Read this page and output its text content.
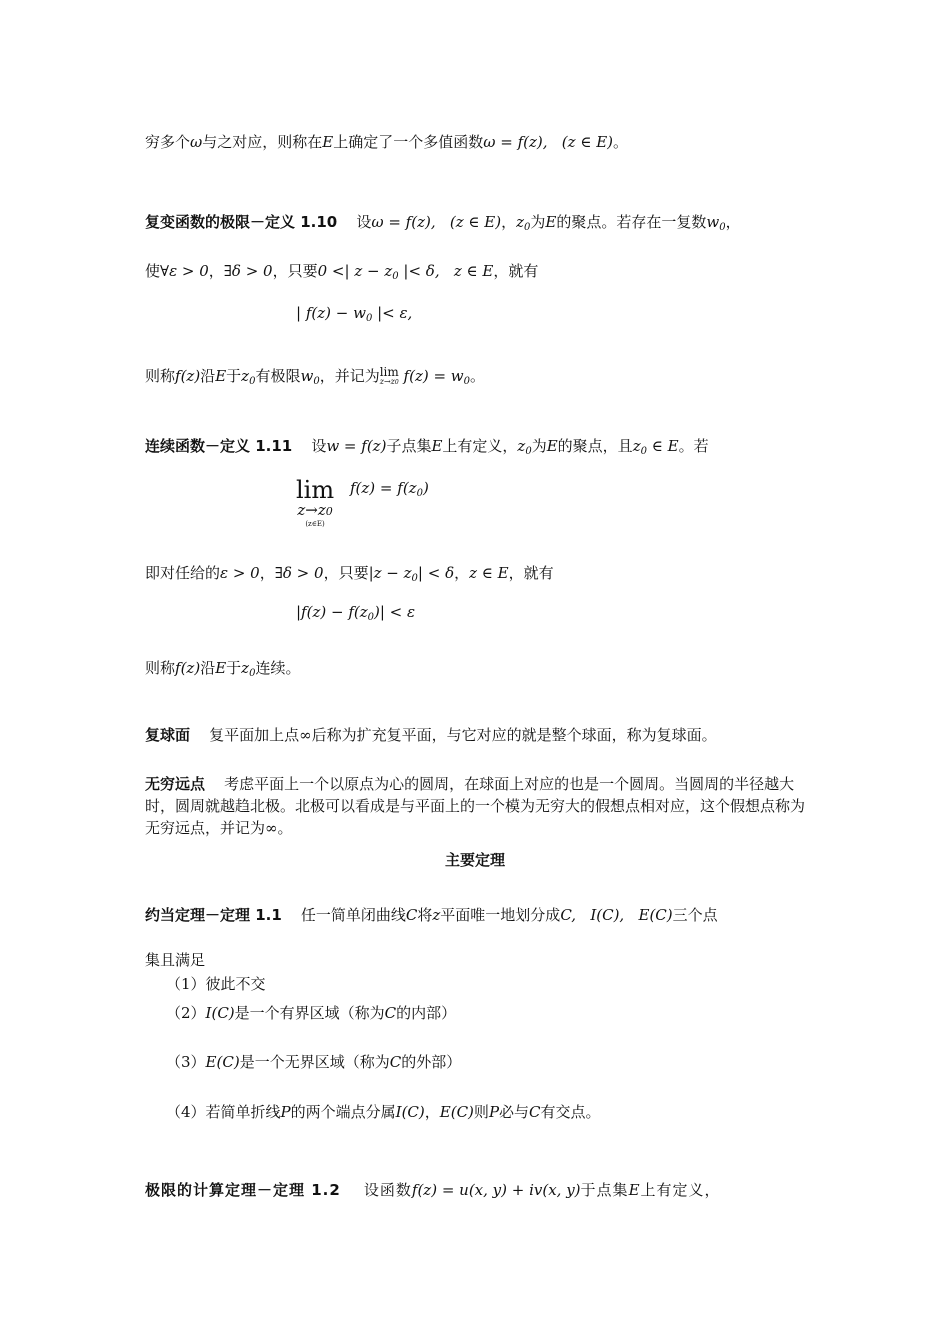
穷多个ω与之对应，则称在E上确定了一个多值函数ω = f(z),   (z ∈ E)。
复变函数的极限－定义 1.10 设ω = f(z),   (z ∈ E)，$z_0$为E的聚点。若存在一复数$w_0$，
使∀ε > 0，∃δ > 0，只要0 <| $z - z_0$ |< δ,   z ∈ E，就有
| $f(z) - w_0$ |< ε,
则称f(z)沿E于$z_0$有极限$w_0$，并记为 lim
z→z0 $f(z) = w_0$。
连续函数－定义 1.11 设w = f(z)子点集E上有定义，$z_0$为E的聚点，且$z_0$ ∈ E。若
lim
z→z0
(z∈E)
$f(z) = f(z_0)$
即对任给的ε > 0，∃δ > 0，只要$|z - z_0| < \delta$，z ∈ E，就有
$|f(z) - f(z_0)| < \varepsilon$
则称f(z)沿E于$z_0$连续。
复球面 复平面加上点∞后称为扩充复平面，与它对应的就是整个球面，称为复球面。
无穷远点 考虑平面上一个以原点为心的圆周，在球面上对应的也是一个圆周。当圆周的半径越大时，圆周就越趋北极。北极可以看成是与平面上的一个模为无穷大的假想点相对应，这个假想点称为无穷远点，并记为∞。
主要定理
约当定理－定理 1.1 任一简单闭曲线C将z平面唯一地划分成C,   I(C),   E(C)三个点
集且满足
（1）彼此不交
（2）I(C)是一个有界区域（称为C的内部）
（3）E(C)是一个无界区域（称为C的外部）
（4）若简单折线P的两个端点分属I(C)，E(C)则P必与C有交点。
极限的计算定理－定理 1.2 设函数f(z) = u(x, y) + iv(x, y)于点集E上有定义，
